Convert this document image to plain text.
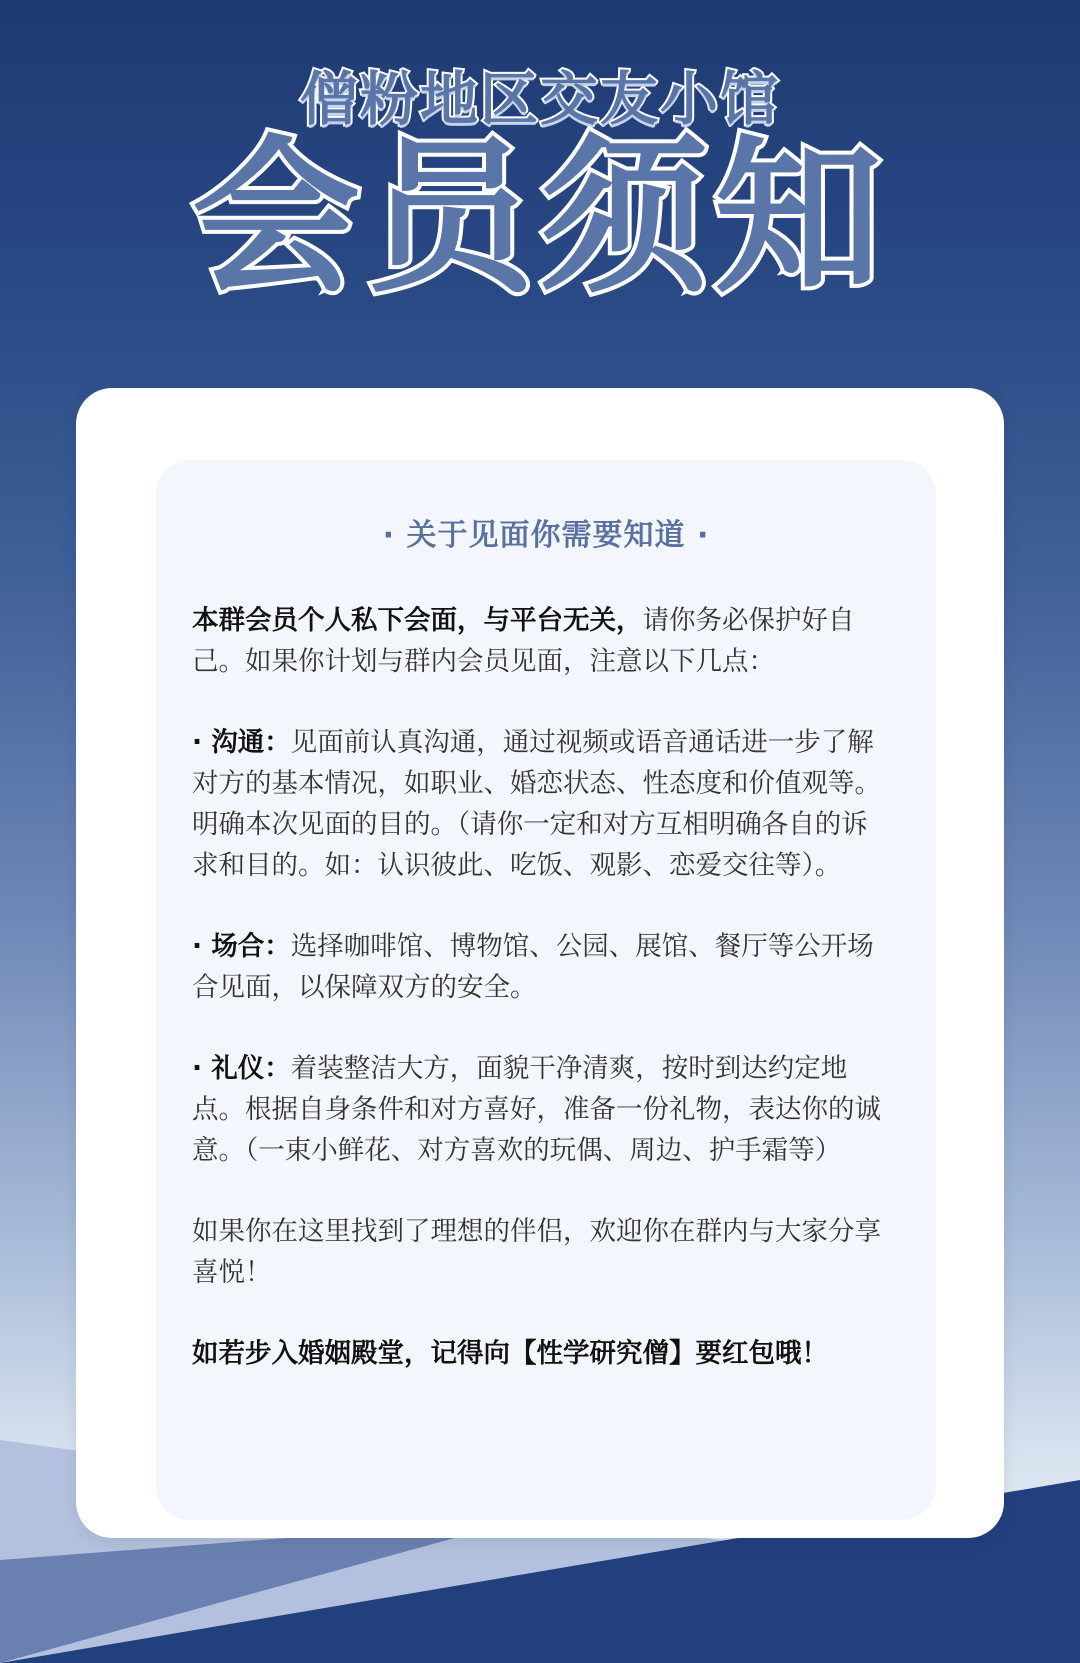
僧粉地区交友小馆
会员须知
· 关于见面你需要知道 ·

本群会员个人私下会面，与平台无关，请你务必保护好自己。如果你计划与群内会员见面，注意以下几点：

· 沟通：见面前认真沟通，通过视频或语音通话进一步了解对方的基本情况，如职业、婚恋状态、性态度和价值观等。明确本次见面的目的。（请你一定和对方互相明确各自的诉求和目的。如：认识彼此、吃饭、观影、恋爱交往等）。

· 场合：选择咖啡馆、博物馆、公园、展馆、餐厅等公开场合见面，以保障双方的安全。

· 礼仪：着装整洁大方，面貌干净清爽，按时到达约定地点。根据自身条件和对方喜好，准备一份礼物，表达你的诚意。（一束小鲜花、对方喜欢的玩偶、周边、护手霜等）

如果你在这里找到了理想的伴侣，欢迎你在群内与大家分享喜悦！

如若步入婚姻殿堂，记得向【性学研究僧】要红包哦！
